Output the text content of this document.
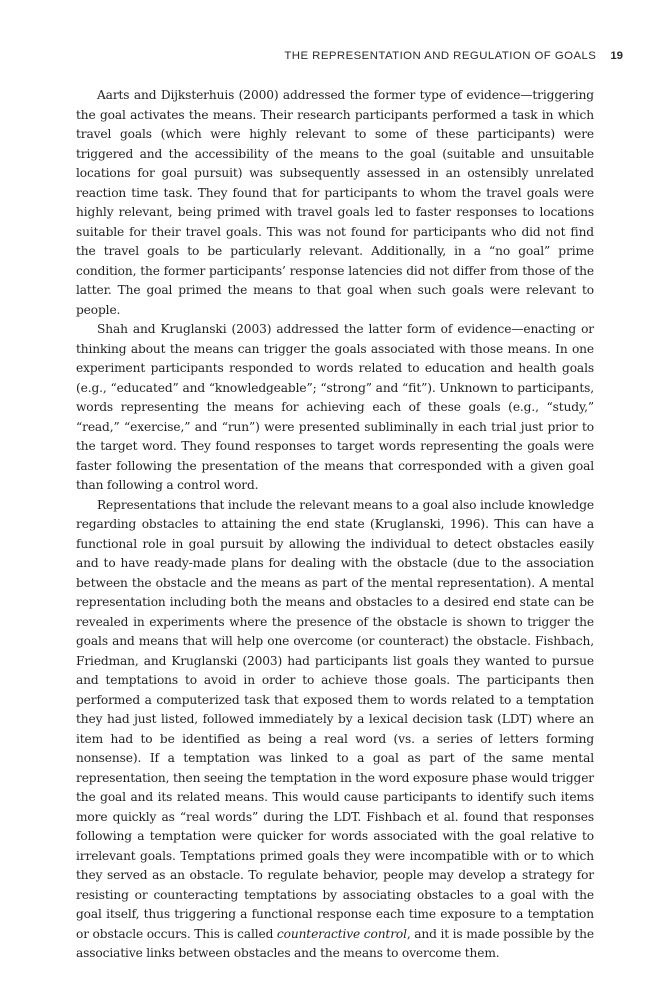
THE REPRESENTATION AND REGULATION OF GOALS 19

Aarts and Dijksterhuis (2000) addressed the former type of evidence—triggering the goal activates the means. Their research participants performed a task in which travel goals (which were highly relevant to some of these participants) were triggered and the accessibility of the means to the goal (suitable and unsuitable locations for goal pursuit) was subsequently assessed in an ostensibly unrelated reaction time task. They found that for participants to whom the travel goals were highly relevant, being primed with travel goals led to faster responses to locations suitable for their travel goals. This was not found for participants who did not find the travel goals to be particularly relevant. Additionally, in a “no goal” prime condition, the former participants’ response latencies did not differ from those of the latter. The goal primed the means to that goal when such goals were relevant to people.

Shah and Kruglanski (2003) addressed the latter form of evidence—enacting or thinking about the means can trigger the goals associated with those means. In one experiment participants responded to words related to education and health goals (e.g., “educated” and “knowledgeable”; “strong” and “fit”). Unknown to participants, words representing the means for achieving each of these goals (e.g., “study,” “read,” “exercise,” and “run”) were presented subliminally in each trial just prior to the target word. They found responses to target words representing the goals were faster following the presentation of the means that corresponded with a given goal than following a control word.

Representations that include the relevant means to a goal also include knowledge regarding obstacles to attaining the end state (Kruglanski, 1996). This can have a functional role in goal pursuit by allowing the individual to detect obstacles easily and to have ready-made plans for dealing with the obstacle (due to the association between the obstacle and the means as part of the mental representation). A mental representation including both the means and obstacles to a desired end state can be revealed in experiments where the presence of the obstacle is shown to trigger the goals and means that will help one overcome (or counteract) the obstacle. Fishbach, Friedman, and Kruglanski (2003) had participants list goals they wanted to pursue and temptations to avoid in order to achieve those goals. The participants then performed a computerized task that exposed them to words related to a temptation they had just listed, followed immediately by a lexical decision task (LDT) where an item had to be identified as being a real word (vs. a series of letters forming nonsense). If a temptation was linked to a goal as part of the same mental representation, then seeing the temptation in the word exposure phase would trigger the goal and its related means. This would cause participants to identify such items more quickly as “real words” during the LDT. Fishbach et al. found that responses following a temptation were quicker for words associated with the goal relative to irrelevant goals. Temptations primed goals they were incompatible with or to which they served as an obstacle. To regulate behavior, people may develop a strategy for resisting or counteracting temptations by associating obstacles to a goal with the goal itself, thus triggering a functional response each time exposure to a temptation or obstacle occurs. This is called counteractive control, and it is made possible by the associative links between obstacles and the means to overcome them.
